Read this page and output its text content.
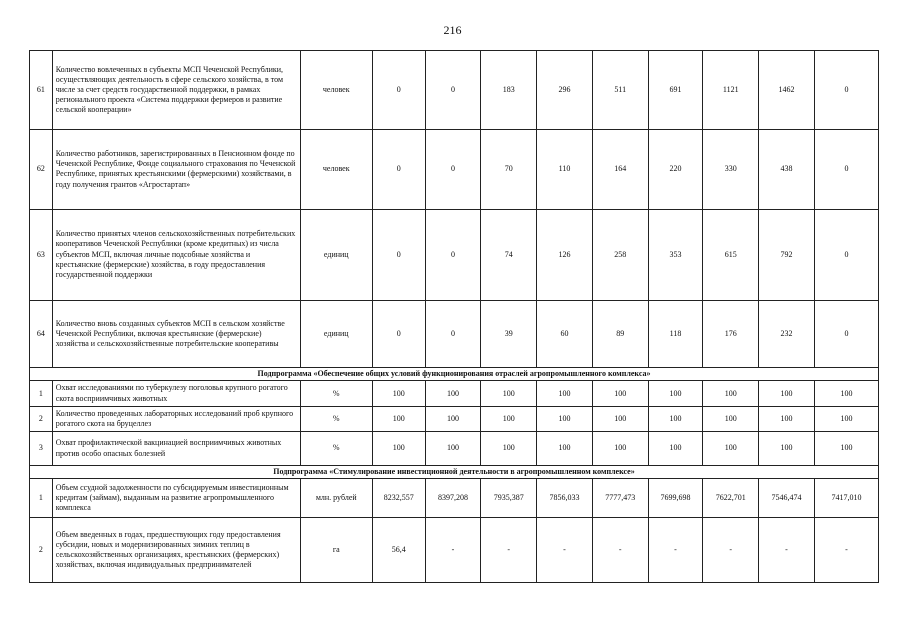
216
61	Количество вовлеченных в субъекты МСП Чеченской Республики, осуществляющих деятельность в сфере сельского хозяйства, в том числе за счет средств государственной поддержки, в рамках регионального проекта «Система поддержки фермеров и развитие сельской кооперации»	человек	0	0	183	296	511	691	1121	1462	0
62	Количество работников, зарегистрированных в Пенсионном фонде по Чеченской Республике, Фонде социального страхования по Чеченской Республике, принятых крестьянскими (фермерскими) хозяйствами, в году получения грантов «Агростартап»	человек	0	0	70	110	164	220	330	438	0
63	Количество принятых членов сельскохозяйственных потребительских кооперативов Чеченской Республики (кроме кредитных) из числа субъектов МСП, включая личные подсобные хозяйства и крестьянские (фермерские) хозяйства, в году предоставления государственной поддержки	единиц	0	0	74	126	258	353	615	792	0
64	Количество вновь созданных субъектов МСП в сельском хозяйстве Чеченской Республики, включая крестьянские (фермерские) хозяйства и сельскохозяйственные потребительские кооперативы	единиц	0	0	39	60	89	118	176	232	0
Подпрограмма «Обеспечение общих условий функционирования отраслей агропромышленного комплекса»											
1	Охват исследованиями по туберкулезу поголовья крупного рогатого скота восприимчивых животных	%	100	100	100	100	100	100	100	100	100
2	Количество проведенных лабораторных исследований проб крупного рогатого скота на бруцеллез	%	100	100	100	100	100	100	100	100	100
3	Охват профилактической вакцинацией восприимчивых животных против особо опасных болезней	%	100	100	100	100	100	100	100	100	100
Подпрограмма «Стимулирование инвестиционной деятельности в агропромышленном комплексе»											
1	Объем ссудной задолженности по субсидируемым инвестиционным кредитам (займам), выданным на развитие агропромышленного комплекса	млн. рублей	8232,557	8397,208	7935,387	7856,033	7777,473	7699,698	7622,701	7546,474	7417,010
2	Объем введенных в годах, предшествующих году предоставления субсидии, новых и модернизированных зимних теплиц в сельскохозяйственных организациях, крестьянских (фермерских) хозяйствах, включая индивидуальных предпринимателей	га	56,4	-	-	-	-	-	-	-	-
